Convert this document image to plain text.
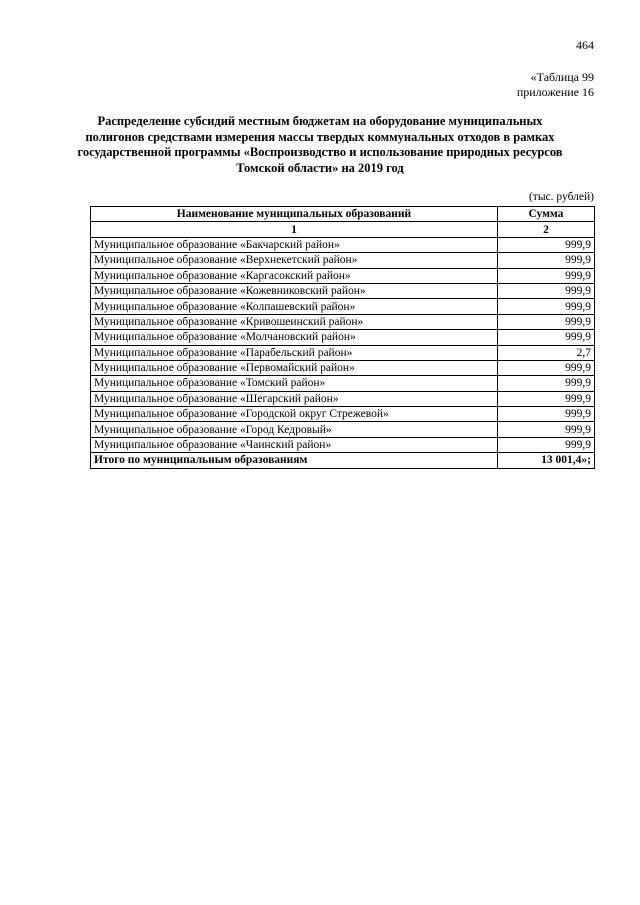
464
«Таблица 99
приложение 16
Распределение субсидий местным бюджетам на оборудование муниципальных полигонов средствами измерения массы твердых коммунальных отходов в рамках государственной программы «Воспроизводство и использование природных ресурсов Томской области» на 2019 год
(тыс. рублей)
Наименование муниципальных образований	Сумма
1	2
Муниципальное образование «Бакчарский район»	999,9
Муниципальное образование «Верхнекетский район»	999,9
Муниципальное образование «Каргасокский район»	999,9
Муниципальное образование «Кожевниковский район»	999,9
Муниципальное образование «Колпашевский район»	999,9
Муниципальное образование «Кривошеинский район»	999,9
Муниципальное образование «Молчановский район»	999,9
Муниципальное образование «Парабельский район»	2,7
Муниципальное образование «Первомайский район»	999,9
Муниципальное образование «Томский район»	999,9
Муниципальное образование «Шегарский район»	999,9
Муниципальное образование «Городской округ Стрежевой»	999,9
Муниципальное образование «Город Кедровый»	999,9
Муниципальное образование «Чаинский район»	999,9
Итого по муниципальным образованиям	13 001,4»;
